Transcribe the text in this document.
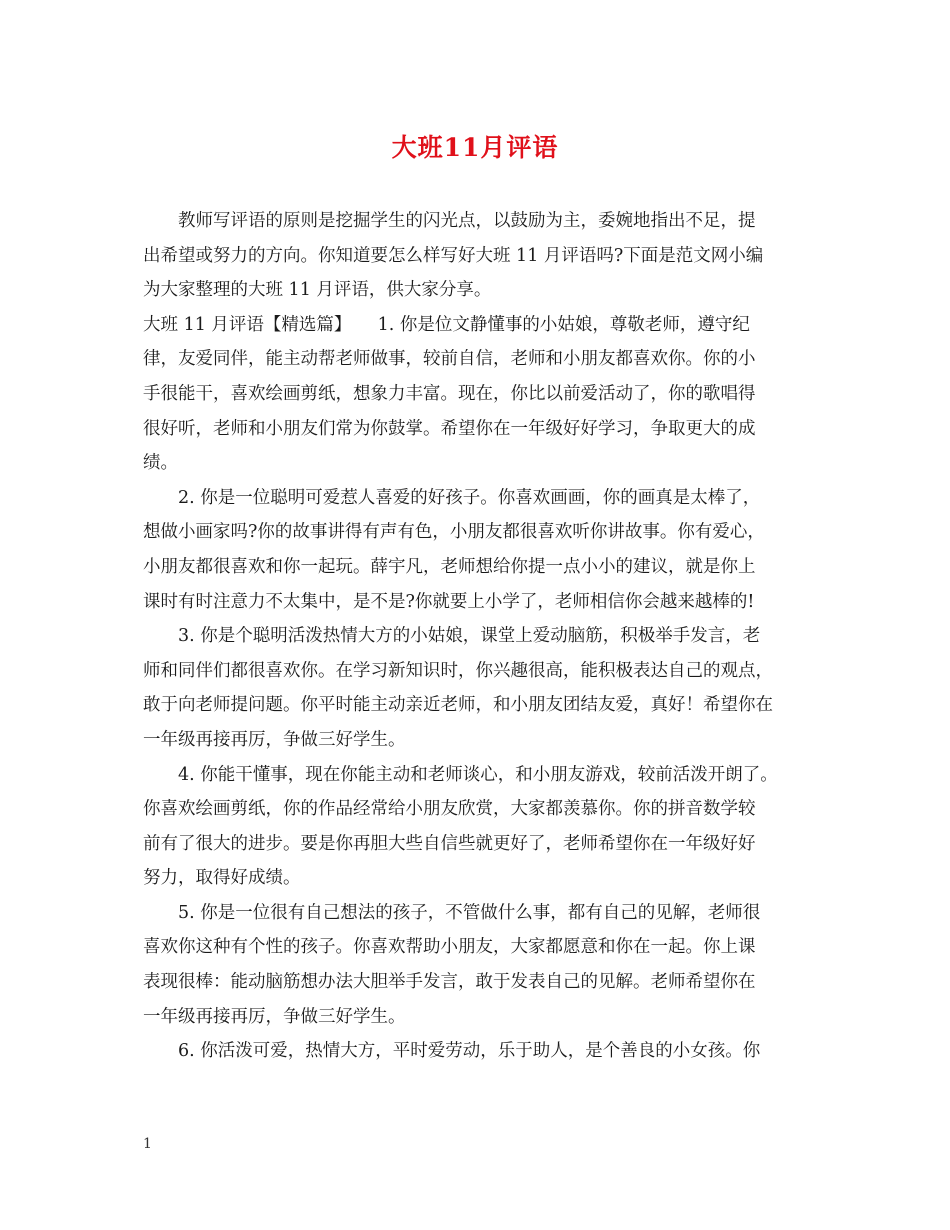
大班11月评语
教师写评语的原则是挖掘学生的闪光点，以鼓励为主，委婉地指出不足，提
出希望或努力的方向。你知道要怎么样写好大班 11 月评语吗?下面是范文网小编
为大家整理的大班 11 月评语，供大家分享。
大班 11 月评语【精选篇】　　1. 你是位文静懂事的小姑娘，尊敬老师，遵守纪
律，友爱同伴，能主动帮老师做事，较前自信，老师和小朋友都喜欢你。你的小
手很能干，喜欢绘画剪纸，想象力丰富。现在，你比以前爱活动了，你的歌唱得
很好听，老师和小朋友们常为你鼓掌。希望你在一年级好好学习，争取更大的成
绩。
2. 你是一位聪明可爱惹人喜爱的好孩子。你喜欢画画，你的画真是太棒了，
想做小画家吗?你的故事讲得有声有色，小朋友都很喜欢听你讲故事。你有爱心，
小朋友都很喜欢和你一起玩。薛宇凡，老师想给你提一点小小的建议，就是你上
课时有时注意力不太集中，是不是?你就要上小学了，老师相信你会越来越棒的!
3. 你是个聪明活泼热情大方的小姑娘，课堂上爱动脑筋，积极举手发言，老
师和同伴们都很喜欢你。在学习新知识时，你兴趣很高，能积极表达自己的观点，
敢于向老师提问题。你平时能主动亲近老师，和小朋友团结友爱，真好！希望你在
一年级再接再厉，争做三好学生。
4. 你能干懂事，现在你能主动和老师谈心，和小朋友游戏，较前活泼开朗了。
你喜欢绘画剪纸，你的作品经常给小朋友欣赏，大家都羡慕你。你的拼音数学较
前有了很大的进步。要是你再胆大些自信些就更好了，老师希望你在一年级好好
努力，取得好成绩。
5. 你是一位很有自己想法的孩子，不管做什么事，都有自己的见解，老师很
喜欢你这种有个性的孩子。你喜欢帮助小朋友，大家都愿意和你在一起。你上课
表现很棒：能动脑筋想办法大胆举手发言，敢于发表自己的见解。老师希望你在
一年级再接再厉，争做三好学生。
6. 你活泼可爱，热情大方，平时爱劳动，乐于助人，是个善良的小女孩。你
1
